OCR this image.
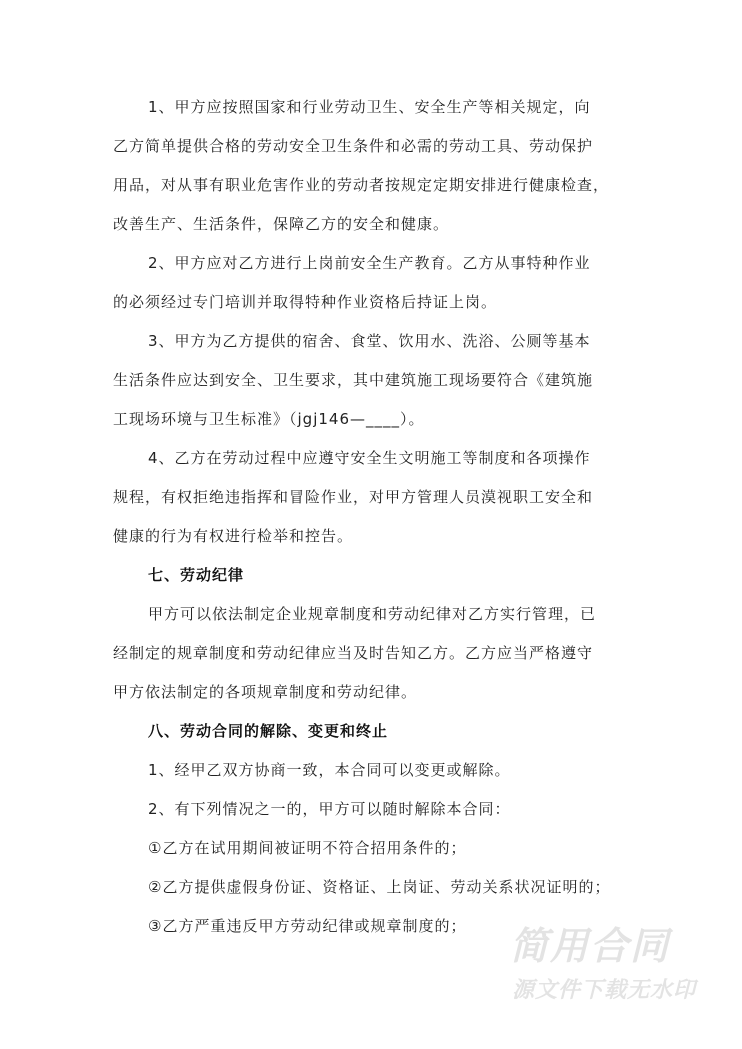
1、甲方应按照国家和行业劳动卫生、安全生产等相关规定，向
乙方简单提供合格的劳动安全卫生条件和必需的劳动工具、劳动保护
用品，对从事有职业危害作业的劳动者按规定定期安排进行健康检查，
改善生产、生活条件，保障乙方的安全和健康。
2、甲方应对乙方进行上岗前安全生产教育。乙方从事特种作业
的必须经过专门培训并取得特种作业资格后持证上岗。
3、甲方为乙方提供的宿舍、食堂、饮用水、洗浴、公厕等基本
生活条件应达到安全、卫生要求，其中建筑施工现场要符合《建筑施
工现场环境与卫生标准》（jgj146—____）。
4、乙方在劳动过程中应遵守安全生文明施工等制度和各项操作
规程，有权拒绝违指挥和冒险作业，对甲方管理人员漠视职工安全和
健康的行为有权进行检举和控告。
七、劳动纪律
甲方可以依法制定企业规章制度和劳动纪律对乙方实行管理，已
经制定的规章制度和劳动纪律应当及时告知乙方。乙方应当严格遵守
甲方依法制定的各项规章制度和劳动纪律。
八、劳动合同的解除、变更和终止
1、经甲乙双方协商一致，本合同可以变更或解除。
2、有下列情况之一的，甲方可以随时解除本合同：
①乙方在试用期间被证明不符合招用条件的；
②乙方提供虚假身份证、资格证、上岗证、劳动关系状况证明的；
③乙方严重违反甲方劳动纪律或规章制度的；	简用合同
源文件下载无水印
